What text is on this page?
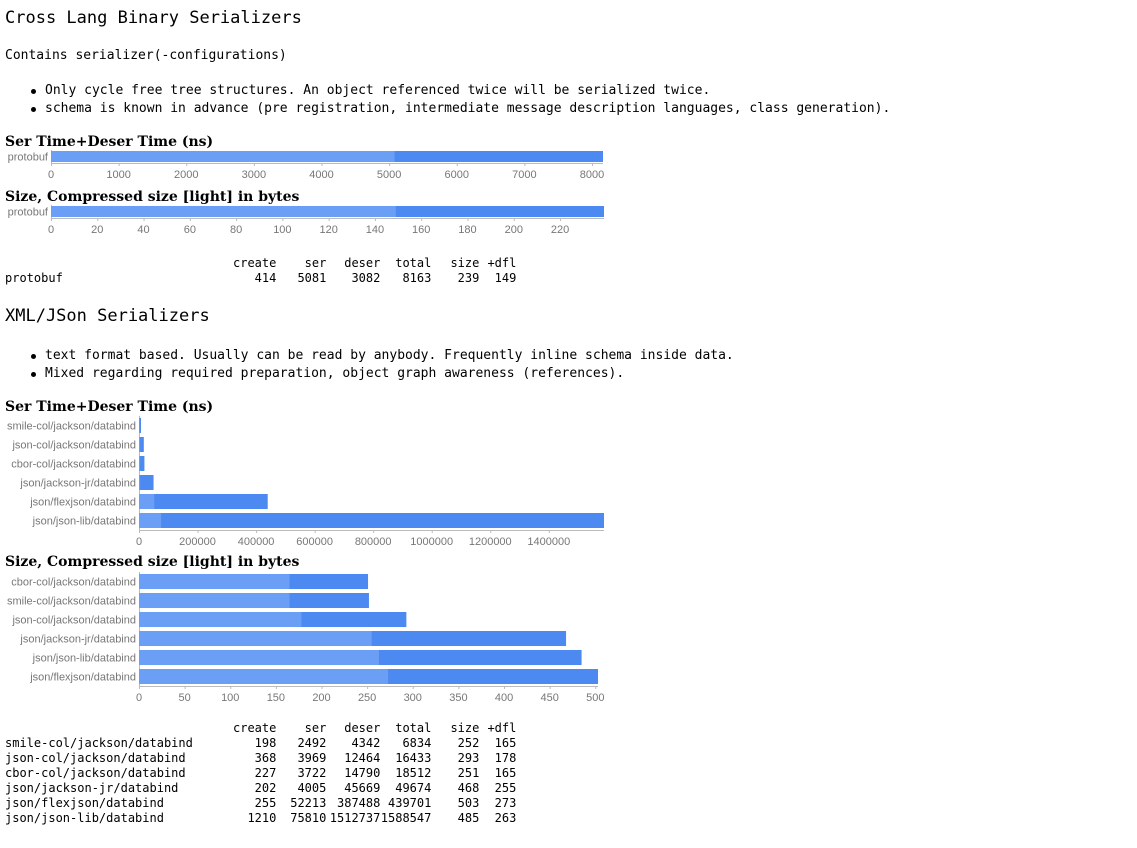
Cross Lang Binary Serializers
Contains serializer(-configurations)
Only cycle free tree structures. An object referenced twice will be serialized twice.
schema is known in advance (pre registration, intermediate message description languages, class generation).
Ser Time+Deser Time (ns)
protobuf
0	1000	2000	3000	4000	5000	6000	7000	8000
Size, Compressed size [light] in bytes
protobuf
0	20	40	60	80	100	120	140	160	180	200	220
	create	ser	deser	total	size	+dfl
protobuf	414	5081	3082	8163	239	149
XML/JSon Serializers
text format based. Usually can be read by anybody. Frequently inline schema inside data.
Mixed regarding required preparation, object graph awareness (references).
Ser Time+Deser Time (ns)
smile-col/jackson/databind
json-col/jackson/databind
cbor-col/jackson/databind
json/jackson-jr/databind
json/flexjson/databind
json/json-lib/databind
0	200000 400000 600000 800000 1000000 1200000 1400000
Size, Compressed size [light] in bytes
cbor-col/jackson/databind
smile-col/jackson/databind
json-col/jackson/databind
json/jackson-jr/databind
json/json-lib/databind
json/flexjson/databind
0	50	100 150 200 250 300 350 400 450 500
	create	ser	deser	total	size	+dfl
smile-col/jackson/databind	198	2492	4342	6834	252	165
json-col/jackson/databind	368	3969	12464	16433	293	178
cbor-col/jackson/databind	227	3722	14790	18512	251	165
json/jackson-jr/databind	202	4005	45669	49674	468	255
json/flexjson/databind	255	52213	387488	439701	503	273
json/json-lib/databind	1210	75810	1512737	1588547	485	263
